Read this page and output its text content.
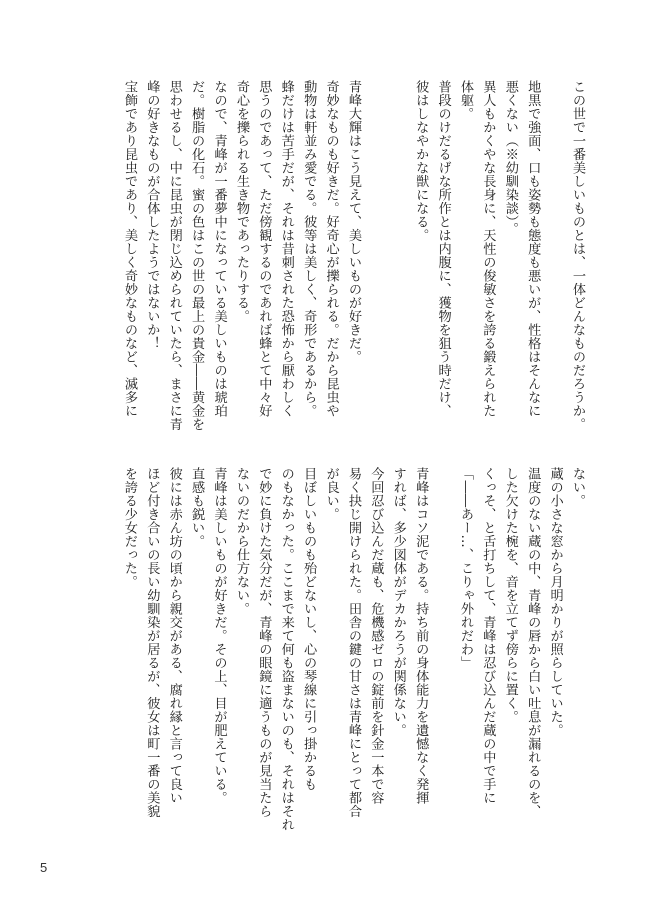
この世で一番美しいものとは、一体どんなものだろうか。
地黒で強面、口も姿勢も態度も悪いが、性格はそんなに
悪くない（※幼馴染談）。
異人もかくやな長身に、天性の俊敏さを誇る鍛えられた
体躯。
普段のけだるげな所作とは内腹に、獲物を狙う時だけ、
彼はしなやかな獣になる。
青峰大輝はこう見えて、美しいものが好きだ。
奇妙なものも好きだ。好奇心が擽られる。だから昆虫や
動物は軒並み愛でる。彼等は美しく、奇形であるから。
蜂だけは苦手だが、それは昔刺された恐怖から厭わしく
思うのであって、ただ傍観するのであれば蜂とて中々好
奇心を擽られる生き物であったりする。
なので、青峰が一番夢中になっている美しいものは琥珀
だ。樹脂の化石。蜜の色はこの世の最上の貴金――黄金を
思わせるし、中に昆虫が閉じ込められていたら、まさに青
峰の好きなものが合体したようではないか！
宝飾であり昆虫であり、美しく奇妙なものなど、滅多に
ない。
蔵の小さな窓から月明かりが照らしていた。
温度のない蔵の中、青峰の唇から白い吐息が漏れるのを、
した欠けた椀を、音を立てず傍らに置く。
くっそ、と舌打ちして、青峰は忍び込んだ蔵の中で手に
「――あー…、こりゃ外れだわ」
青峰はコソ泥である。持ち前の身体能力を遺憾なく発揮
すれば、多少図体がデカかろうが関係ない。
今回忍び込んだ蔵も、危機感ゼロの錠前を針金一本で容
易く抉じ開けられた。田舎の鍵の甘さは青峰にとって都合
が良い。
目ぼしいものも殆どないし、心の琴線に引っ掛かるも
のもなかった。ここまで来て何も盗まないのも、それはそれ
で妙に負けた気分だが、青峰の眼鏡に適うものが見当たら
ないのだから仕方ない。
青峰は美しいものが好きだ。その上、目が肥えている。
直感も鋭い。
彼には赤ん坊の頃から親交がある、腐れ縁と言って良い
ほど付き合いの長い幼馴染が居るが、彼女は町一番の美貌
を誇る少女だった。
5
